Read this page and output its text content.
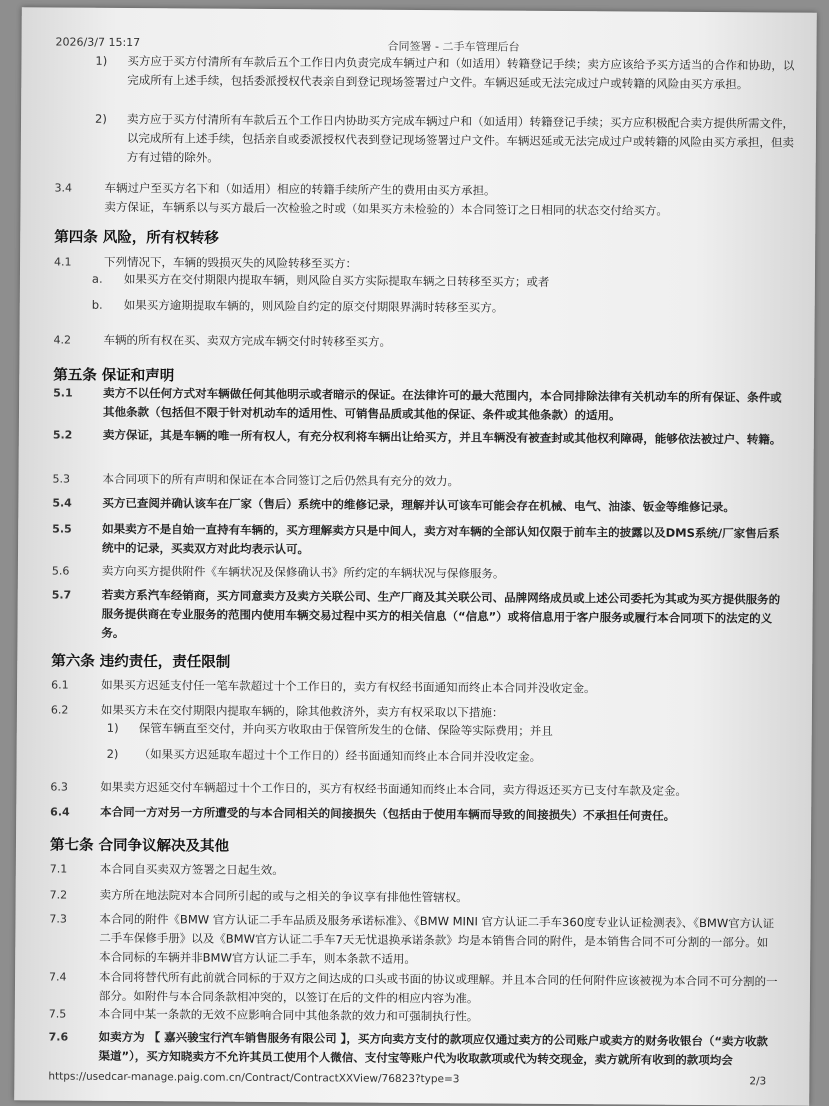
2026/3/7 15:17	合同签署 - 二手车管理后台
1) 买方应于买方付清所有车款后五个工作日内负责完成车辆过户和（如适用）转籍登记手续；卖方应该给予买方适当的合作和协助，以完成所有上述手续，包括委派授权代表亲自到登记现场签署过户文件。车辆迟延或无法完成过户或转籍的风险由买方承担。
2) 卖方应于买方付清所有车款后五个工作日内协助买方完成车辆过户和（如适用）转籍登记手续；买方应积极配合卖方提供所需文件，以完成所有上述手续，包括亲自或委派授权代表到登记现场签署过户文件。车辆迟延或无法完成过户或转籍的风险由买方承担，但卖方有过错的除外。
3.4	车辆过户至买方名下和（如适用）相应的转籍手续所产生的费用由买方承担。
卖方保证，车辆系以与买方最后一次检验之时或（如果买方未检验的）本合同签订之日相同的状态交付给买方。
第四条 风险，所有权转移
4.1	下列情况下，车辆的毁损灭失的风险转移至买方：
a. 如果买方在交付期限内提取车辆，则风险自买方实际提取车辆之日转移至买方；或者
b. 如果买方逾期提取车辆的，则风险自约定的原交付期限界满时转移至买方。
4.2	车辆的所有权在买、卖双方完成车辆交付时转移至买方。
第五条 保证和声明
5.1	卖方不以任何方式对车辆做任何其他明示或者暗示的保证。在法律许可的最大范围内，本合同排除法律有关机动车的所有保证、条件或其他条款（包括但不限于针对机动车的适用性、可销售品质或其他的保证、条件或其他条款）的适用。
5.2	卖方保证，其是车辆的唯一所有权人，有充分权利将车辆出让给买方，并且车辆没有被查封或其他权利障碍，能够依法被过户、转籍。
5.3	本合同项下的所有声明和保证在本合同签订之后仍然具有充分的效力。
5.4	买方已查阅并确认该车在厂家（售后）系统中的维修记录，理解并认可该车可能会存在机械、电气、油漆、钣金等维修记录。
5.5	如果卖方不是自始一直持有车辆的，买方理解卖方只是中间人，卖方对车辆的全部认知仅限于前车主的披露以及DMS系统/厂家售后系统中的记录，买卖双方对此均表示认可。
5.6	卖方向买方提供附件《车辆状况及保修确认书》所约定的车辆状况与保修服务。
5.7	若卖方系汽车经销商，买方同意卖方及卖方关联公司、生产厂商及其关联公司、品牌网络成员或上述公司委托为其或为买方提供服务的服务提供商在专业服务的范围内使用车辆交易过程中买方的相关信息（“信息”）或将信息用于客户服务或履行本合同项下的法定的义务。
第六条 违约责任，责任限制
6.1	如果买方迟延支付任一笔车款超过十个工作日的，卖方有权经书面通知而终止本合同并没收定金。
6.2	如果买方未在交付期限内提取车辆的，除其他救济外，卖方有权采取以下措施：
1) 保管车辆直至交付，并向买方收取由于保管所发生的仓储、保险等实际费用；并且
2) （如果买方迟延取车超过十个工作日的）经书面通知而终止本合同并没收定金。
6.3	如果卖方迟延交付车辆超过十个工作日的，买方有权经书面通知而终止本合同，卖方得返还买方已支付车款及定金。
6.4	本合同一方对另一方所遭受的与本合同相关的间接损失（包括由于使用车辆而导致的间接损失）不承担任何责任。
第七条 合同争议解决及其他
7.1	本合同自买卖双方签署之日起生效。
7.2	卖方所在地法院对本合同所引起的或与之相关的争议享有排他性管辖权。
7.3	本合同的附件《BMW 官方认证二手车品质及服务承诺标准》、《BMW MINI 官方认证二手车360度专业认证检测表》、《BMW官方认证二手车保修手册》以及《BMW官方认证二手车7天无忧退换承诺条款》均是本销售合同的附件，是本销售合同不可分割的一部分。如本合同标的车辆并非BMW官方认证二手车，则本条款不适用。
7.4	本合同将替代所有此前就合同标的于双方之间达成的口头或书面的协议或理解。并且本合同的任何附件应该被视为本合同不可分割的一部分。如附件与本合同条款相冲突的，以签订在后的文件的相应内容为准。
7.5	本合同中某一条款的无效不应影响合同中其他条款的效力和可强制执行性。
7.6	如卖方为 【 嘉兴骏宝行汽车销售服务有限公司 】，买方向卖方支付的款项应仅通过卖方的公司账户或卖方的财务收银台（“卖方收款渠道”），买方知晓卖方不允许其员工使用个人微信、支付宝等账户代为收取款项或代为转交现金，卖方就所有收到的款项均会
https://usedcar-manage.paig.com.cn/Contract/ContractXXView/76823?type=3	2/3
